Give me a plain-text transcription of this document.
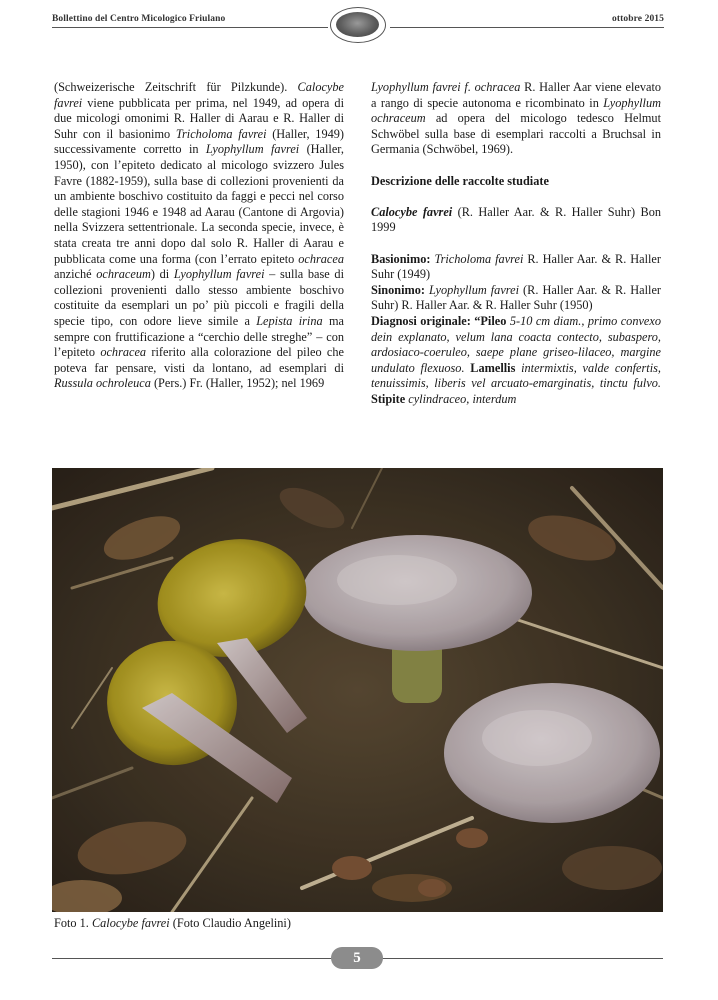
Bollettino del Centro Micologico Friulano	ottobre 2015

(Schweizerische Zeitschrift für Pilzkunde). Calocybe favrei viene pubblicata per prima, nel 1949, ad opera di due micologi omonimi R. Haller di Aarau e R. Haller di Suhr con il basionimo Tricholoma favrei (Haller, 1949) successivamente corretto in Lyophyllum favrei (Haller, 1950), con l’epiteto dedicato al micologo svizzero Jules Favre (1882-1959), sulla base di collezioni provenienti da un ambiente boschivo costituito da faggi e pecci nel corso delle stagioni 1946 e 1948 ad Aarau (Cantone di Argovia) nella Svizzera settentrionale. La seconda specie, invece, è stata creata tre anni dopo dal solo R. Haller di Aarau e pubblicata come una forma (con l’errato epiteto ochracea anziché ochraceum) di Lyophyllum favrei – sulla base di collezioni provenienti dallo stesso ambiente boschivo costituite da esemplari un po’ più piccoli e fragili della specie tipo, con odore lieve simile a Lepista irina ma sempre con fruttificazione a “cerchio delle streghe” – con l’epiteto ochracea riferito alla colorazione del pileo che poteva far pensare, visti da lontano, ad esemplari di Russula ochroleuca (Pers.) Fr. (Haller, 1952); nel 1969

Lyophyllum favrei f. ochracea R. Haller Aar viene elevato a rango di specie autonoma e ricombinato in Lyophyllum ochraceum ad opera del micologo tedesco Helmut Schwöbel sulla base di esemplari raccolti a Bruchsal in Germania (Schwöbel, 1969).

Descrizione delle raccolte studiate

Calocybe favrei (R. Haller Aar. & R. Haller Suhr) Bon 1999

Basionimo: Tricholoma favrei R. Haller Aar. & R. Haller Suhr (1949)

Sinonimo: Lyophyllum favrei (R. Haller Aar. & R. Haller Suhr) R. Haller Aar. & R. Haller Suhr (1950)

Diagnosi originale: “Pileo 5-10 cm diam., primo convexo dein explanato, velum lana coacta contecto, subaspero, ardosiaco-coeruleo, saepe plane griseo-lilaceo, margine undulato flexuoso. Lamellis intermixtis, valde confertis, tenuissimis, liberis vel arcuato-emarginatis, tinctu fulvo. Stipite cylindraceo, interdum

Foto 1. Calocybe favrei (Foto Claudio Angelini)
5
